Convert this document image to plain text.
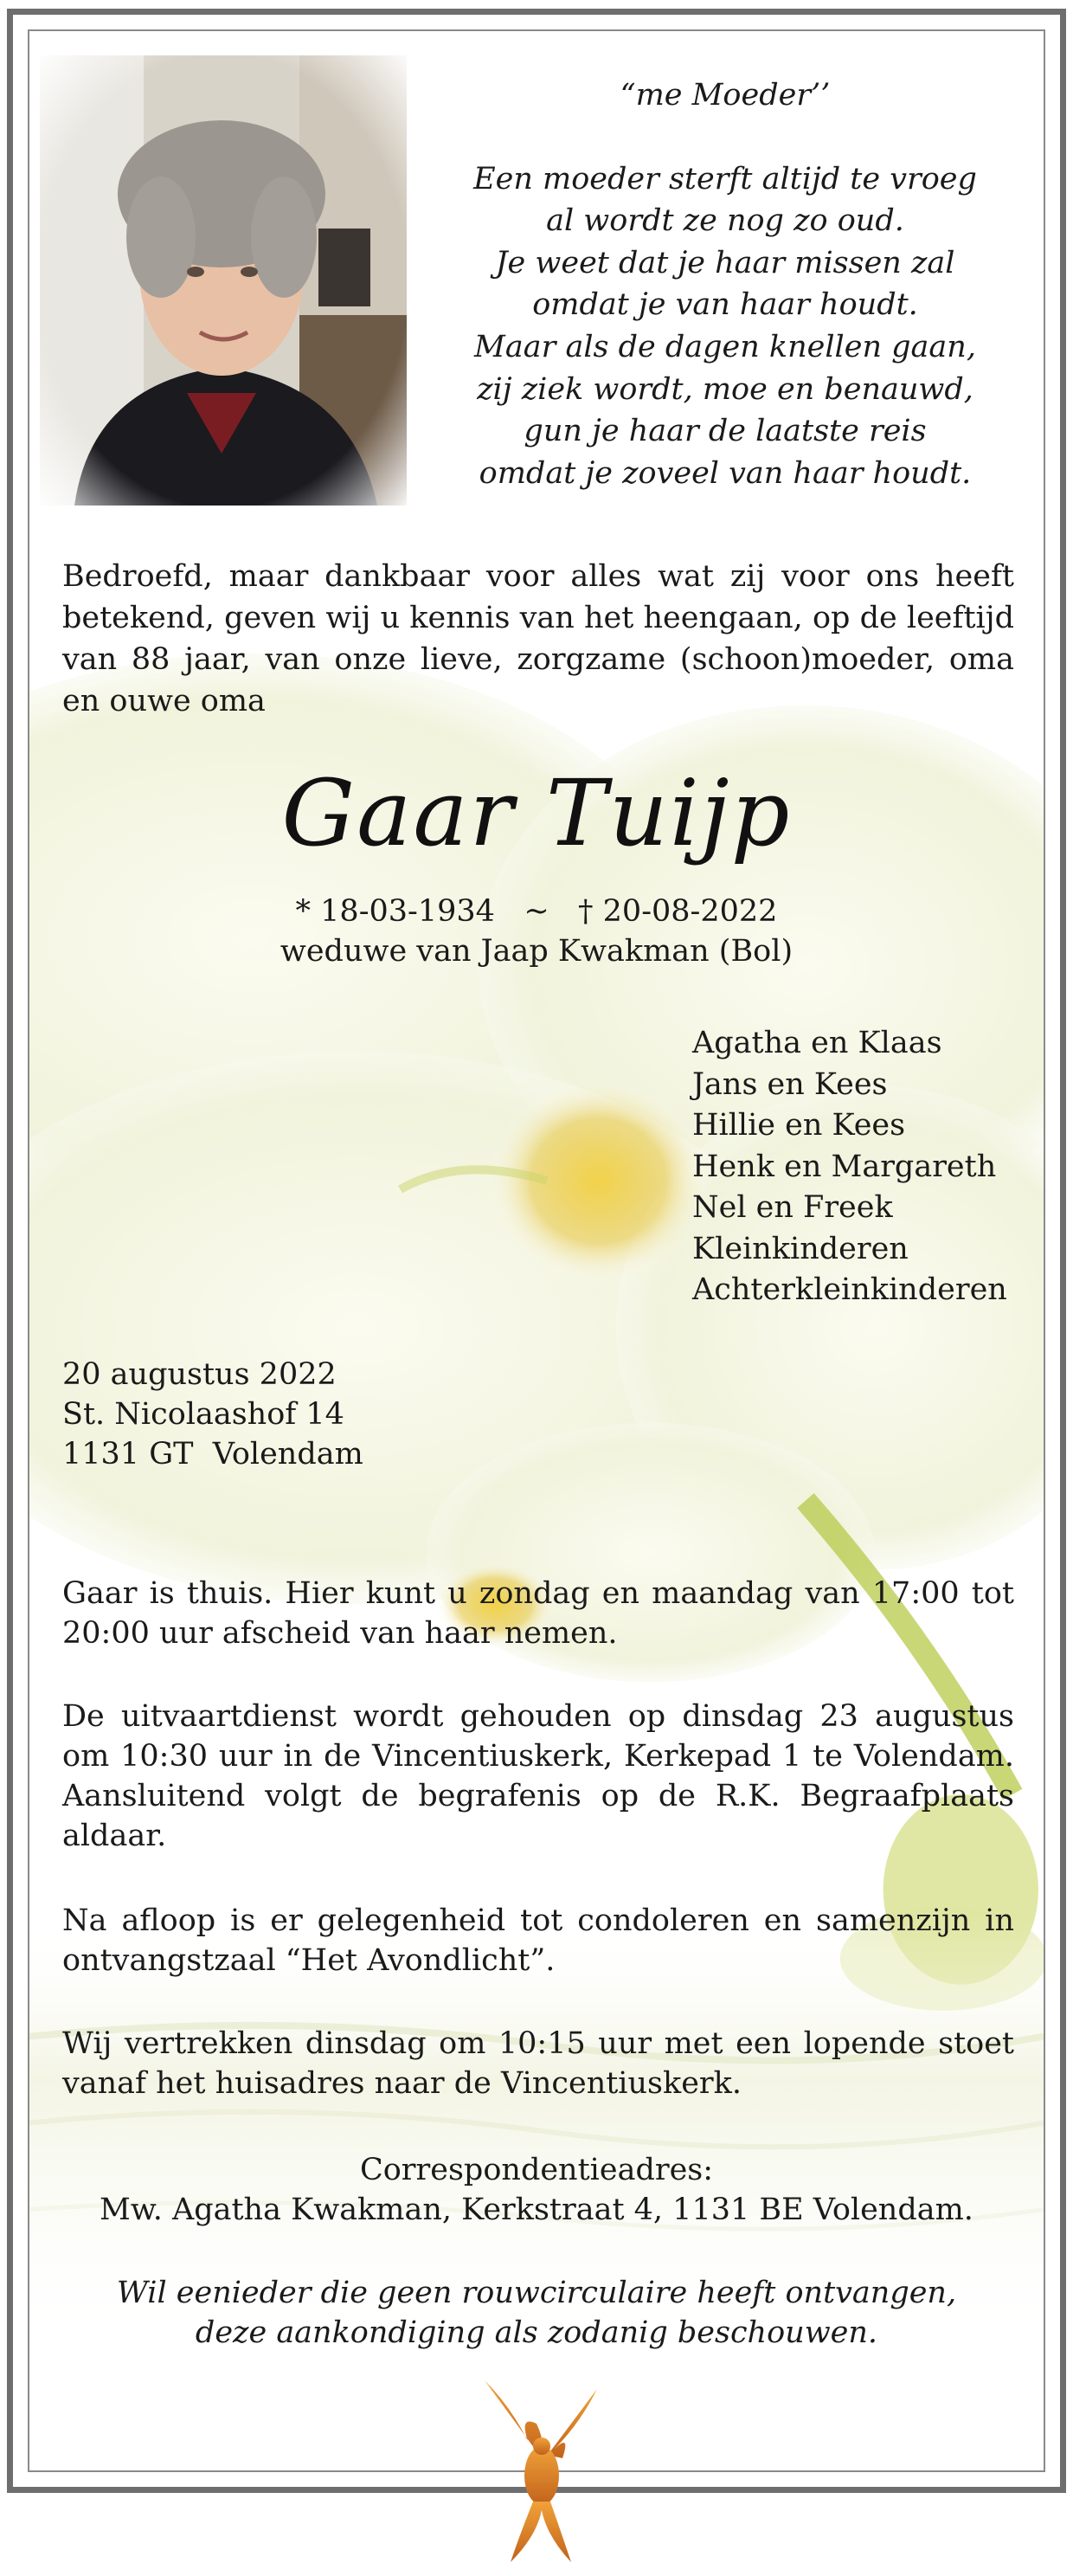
“me Moeder’’
Een moeder sterft altijd te vroeg
al wordt ze nog zo oud.
Je weet dat je haar missen zal
omdat je van haar houdt.
Maar als de dagen knellen gaan,
zij ziek wordt, moe en benauwd,
gun je haar de laatste reis
omdat je zoveel van haar houdt.
Bedroefd, maar dankbaar voor alles wat zij voor ons heeft betekend, geven wij u kennis van het heengaan, op de leeftijd van 88 jaar, van onze lieve, zorgzame (schoon)moeder, oma en ouwe oma
Gaar Tuijp
* 18-03-1934   ~   † 20-08-2022
weduwe van Jaap Kwakman (Bol)
Agatha en Klaas
Jans en Kees
Hillie en Kees
Henk en Margareth
Nel en Freek
Kleinkinderen
Achterkleinkinderen
20 augustus 2022
St. Nicolaashof 14
1131 GT  Volendam
Gaar is thuis. Hier kunt u zondag en maandag van 17:00 tot 20:00 uur afscheid van haar nemen.
De uitvaartdienst wordt gehouden op dinsdag 23 augustus om 10:30 uur in de Vincentiuskerk, Kerkepad 1 te Volendam. Aansluitend volgt de begrafenis op de R.K. Begraafplaats aldaar.
Na afloop is er gelegenheid tot condoleren en samenzijn in ontvangstzaal “Het Avondlicht”.
Wij vertrekken dinsdag om 10:15 uur met een lopende stoet vanaf het huisadres naar de Vincentiuskerk.
Correspondentieadres:
Mw. Agatha Kwakman, Kerkstraat 4, 1131 BE Volendam.
Wil eenieder die geen rouwcirculaire heeft ontvangen,
deze aankondiging als zodanig beschouwen.
